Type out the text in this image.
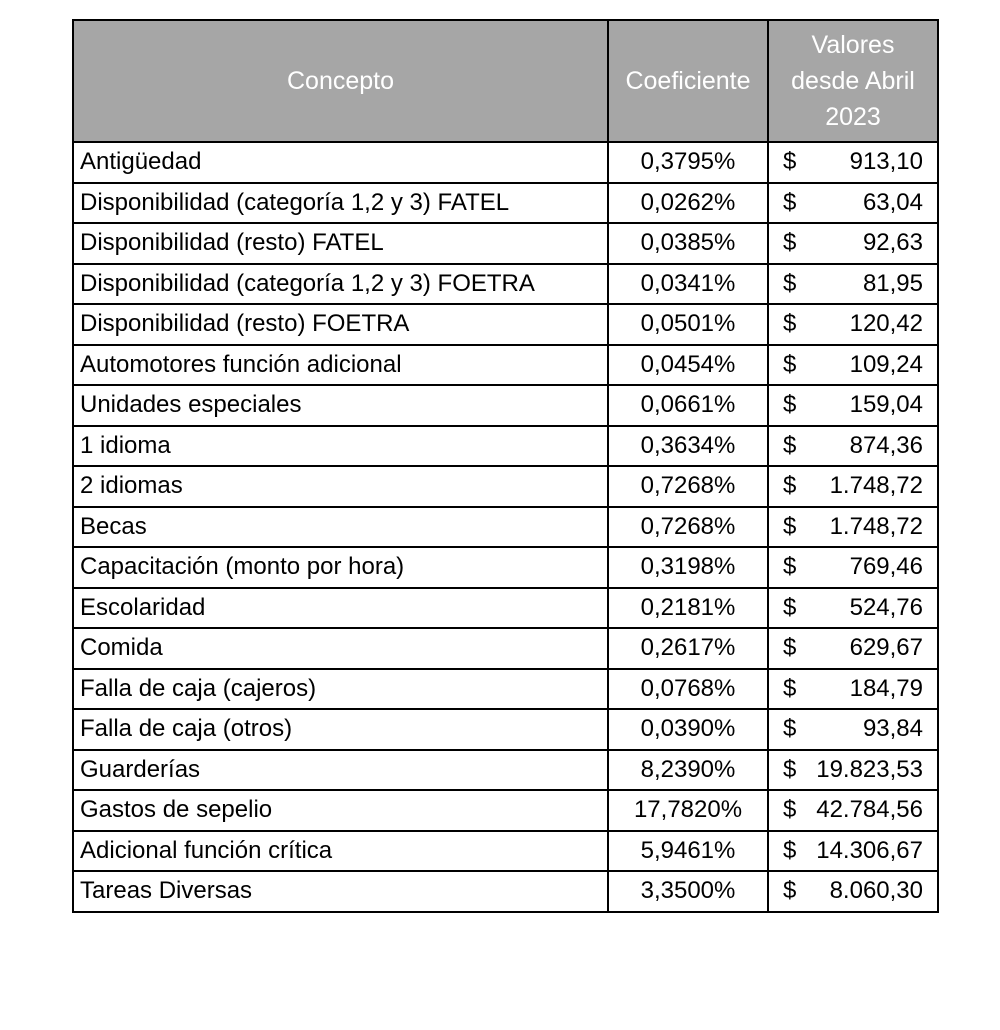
Concepto	Coeficiente	Valores
desde Abril
2023

Antigüedad	0,3795%	$ 913,10

Disponibilidad (categoría 1,2 y 3) FATEL	0,0262%	$ 63,04

Disponibilidad (resto) FATEL	0,0385%	$ 92,63

Disponibilidad (categoría 1,2 y 3) FOETRA	0,0341%	$ 81,95

Disponibilidad (resto) FOETRA	0,0501%	$ 120,42

Automotores función adicional	0,0454%	$ 109,24

Unidades especiales	0,0661%	$ 159,04

1 idioma	0,3634%	$ 874,36

2 idiomas	0,7268%	$ 1.748,72

Becas	0,7268%	$ 1.748,72

Capacitación (monto por hora)	0,3198%	$ 769,46

Escolaridad	0,2181%	$ 524,76

Comida	0,2617%	$ 629,67

Falla de caja (cajeros)	0,0768%	$ 184,79

Falla de caja (otros)	0,0390%	$ 93,84

Guarderías	8,2390%	$ 19.823,53

Gastos de sepelio	17,7820%	$ 42.784,56

Adicional función crítica	5,9461%	$ 14.306,67

Tareas Diversas	3,3500%	$ 8.060,30
